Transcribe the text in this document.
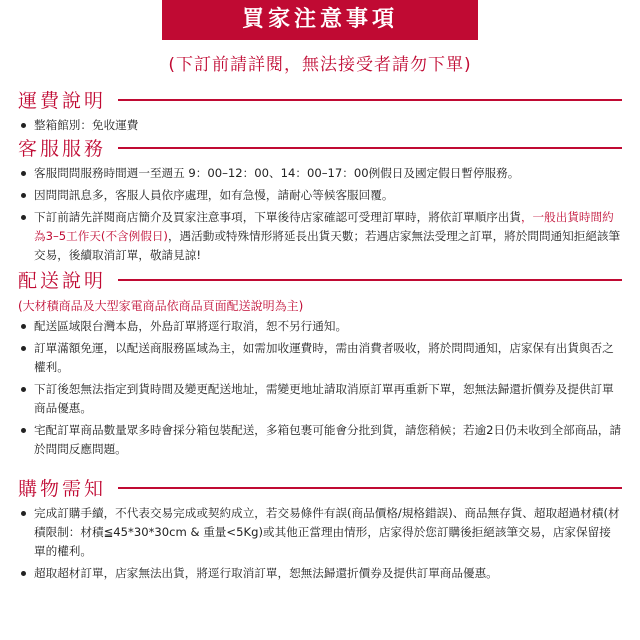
買家注意事項
(下訂前請詳閱，無法接受者請勿下單)
運費說明
整箱館別：免收運費
客服服務
客服問問服務時間週一至週五 9：00–12：00、14：00–17：00例假日及國定假日暫停服務。
因問問訊息多，客服人員依序處理，如有急慢，請耐心等候客服回覆。
下訂前請先詳閱商店簡介及買家注意事項，下單後待店家確認可受理訂單時，將依訂單順序出貨，一般出貨時間約為3–5工作天(不含例假日)，遇活動或特殊情形將延長出貨天數；若遇店家無法受理之訂單，將於問問通知拒絕該筆交易，後續取消訂單，敬請見諒!
配送說明
(大材積商品及大型家電商品依商品頁面配送說明為主)
配送區域限台灣本島，外島訂單將逕行取消，恕不另行通知。
訂單滿額免運，以配送商服務區域為主，如需加收運費時，需由消費者吸收，將於問問通知，店家保有出貨與否之權利。
下訂後恕無法指定到貨時間及變更配送地址，需變更地址請取消原訂單再重新下單，恕無法歸還折價券及提供訂單商品優惠。
宅配訂單商品數量眾多時會採分箱包裝配送，多箱包裹可能會分批到貨，請您稍候；若逾2日仍未收到全部商品，請於問問反應問題。
購物需知
完成訂購手續，不代表交易完成或契約成立，若交易條件有誤(商品價格/規格錯誤)、商品無存貨、超取超過材積(材積限制：材積≦45*30*30cm & 重量<5Kg)或其他正當理由情形，店家得於您訂購後拒絕該筆交易，店家保留接單的權利。
超取超材訂單，店家無法出貨，將逕行取消訂單，恕無法歸還折價券及提供訂單商品優惠。
